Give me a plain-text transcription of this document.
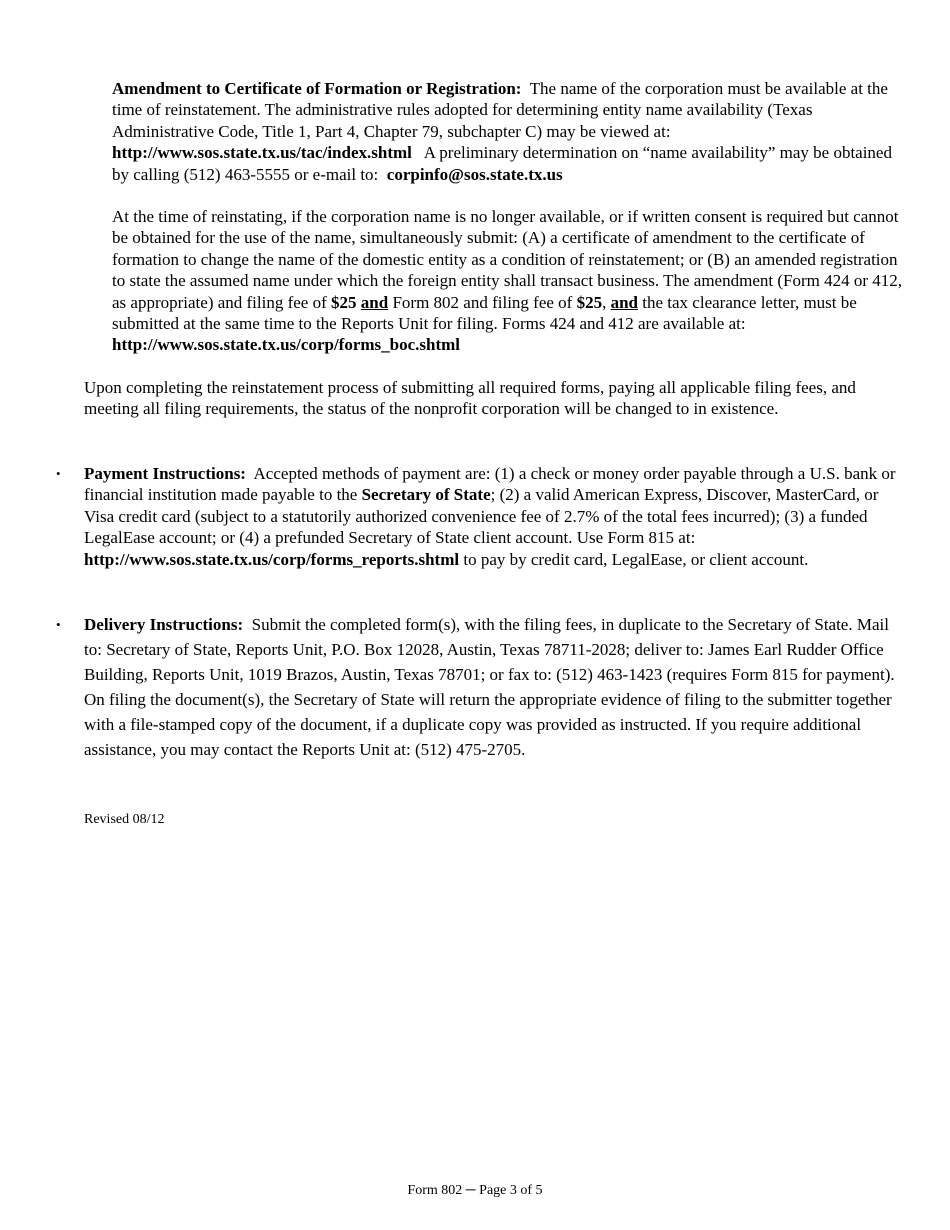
Amendment to Certificate of Formation or Registration: The name of the corporation must be available at the time of reinstatement. The administrative rules adopted for determining entity name availability (Texas Administrative Code, Title 1, Part 4, Chapter 79, subchapter C) may be viewed at: http://www.sos.state.tx.us/tac/index.shtml A preliminary determination on “name availability” may be obtained by calling (512) 463-5555 or e-mail to: corpinfo@sos.state.tx.us

At the time of reinstating, if the corporation name is no longer available, or if written consent is required but cannot be obtained for the use of the name, simultaneously submit: (A) a certificate of amendment to the certificate of formation to change the name of the domestic entity as a condition of reinstatement; or (B) an amended registration to state the assumed name under which the foreign entity shall transact business. The amendment (Form 424 or 412, as appropriate) and filing fee of $25 and Form 802 and filing fee of $25, and the tax clearance letter, must be submitted at the same time to the Reports Unit for filing. Forms 424 and 412 are available at:  http://www.sos.state.tx.us/corp/forms_boc.shtml

Upon completing the reinstatement process of submitting all required forms, paying all applicable filing fees, and meeting all filing requirements, the status of the nonprofit corporation will be changed to in existence.

• Payment Instructions: Accepted methods of payment are: (1) a check or money order payable through a U.S. bank or financial institution made payable to the Secretary of State; (2) a valid American Express, Discover, MasterCard, or Visa credit card (subject to a statutorily authorized convenience fee of 2.7% of the total fees incurred); (3) a funded LegalEase account; or (4) a prefunded Secretary of State client account. Use Form 815 at:  http://www.sos.state.tx.us/corp/forms_reports.shtml to pay by credit card, LegalEase, or client account.
• Delivery Instructions: Submit the completed form(s), with the filing fees, in duplicate to the Secretary of State. Mail to: Secretary of State, Reports Unit, P.O. Box 12028, Austin, Texas 78711-2028; deliver to: James Earl Rudder Office Building, Reports Unit, 1019 Brazos, Austin, Texas 78701; or fax to: (512) 463-1423 (requires Form 815 for payment). On filing the document(s), the Secretary of State will return the appropriate evidence of filing to the submitter together with a file-stamped copy of the document, if a duplicate copy was provided as instructed. If you require additional assistance, you may contact the Reports Unit at: (512) 475-2705.
Revised 08/12
Form 802 ─ Page 3 of 5
